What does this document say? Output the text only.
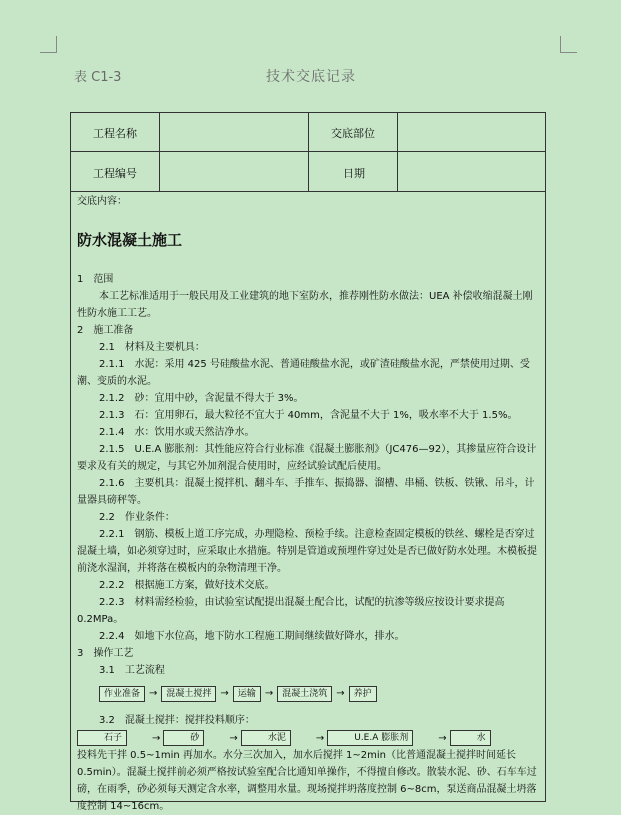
表 C1-3	技术交底记录
工程名称	交底部位
工程编号	日期

交底内容：

防水混凝土施工

1　范围

本工艺标准适用于一般民用及工业建筑的地下室防水，推荐刚性防水做法：UEA 补偿收缩混凝土刚性防水施工工艺。

2　施工准备

2.1　材料及主要机具：

2.1.1　水泥：采用 425 号硅酸盐水泥、普通硅酸盐水泥，或矿渣硅酸盐水泥，严禁使用过期、受潮、变质的水泥。

2.1.2　砂：宜用中砂，含泥量不得大于 3%。

2.1.3　石：宜用卵石，最大粒径不宜大于 40mm，含泥量不大于 1%，吸水率不大于 1.5%。

2.1.4　水：饮用水或天然洁净水。

2.1.5　U.E.A 膨胀剂：其性能应符合行业标准《混凝土膨胀剂》（JC476—92），其掺量应符合设计要求及有关的规定，与其它外加剂混合使用时，应经试验试配后使用。

2.1.6　主要机具：混凝土搅拌机、翻斗车、手推车、振捣器、溜槽、串桶、铁板、铁锹、吊斗，计量器具磅秤等。

2.2　作业条件：

2.2.1　钢筋、模板上道工序完成，办理隐检、预检手续。注意检查固定模板的铁丝、螺栓是否穿过混凝土墙，如必须穿过时，应采取止水措施。特别是管道或预埋件穿过处是否已做好防水处理。木模板提前浇水湿润，并将落在模板内的杂物清理干净。

2.2.2　根据施工方案，做好技术交底。

2.2.3　材料需经检验，由试验室试配提出混凝土配合比，试配的抗渗等级应按设计要求提高 0.2MPa。

2.2.4　如地下水位高，地下防水工程施工期间继续做好降水，排水。

3　操作工艺

3.1　工艺流程

作业准备 →	混凝土搅拌 →	运输 →	混凝土浇筑 →	养护

3.2　混凝土搅拌：搅拌投料顺序：
石子	→	砂	→	水泥	→	U.E.A 膨胀剂	→	水

投料先干拌 0.5~1min 再加水。水分三次加入，加水后搅拌 1~2min（比普通混凝土搅拌时间延长 0.5min）。混凝土搅拌前必须严格按试验室配合比通知单操作，不得擅自修改。散装水泥、砂、石车车过磅，在雨季，砂必须每天测定含水率，调整用水量。现场搅拌坍落度控制 6~8cm，泵送商品混凝土坍落度控制 14~16cm。
